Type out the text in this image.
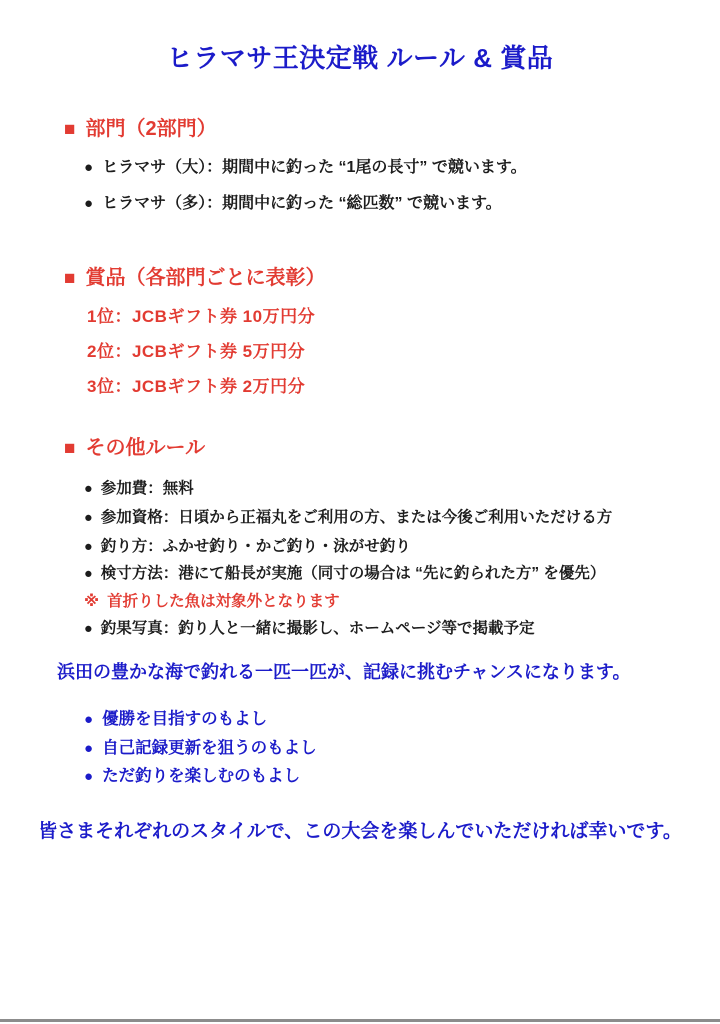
ヒラマサ王決定戦 ルール & 賞品
■ 部門（2部門）
● ヒラマサ（大）：期間中に釣った “1尾の長寸” で競います。
● ヒラマサ（多）：期間中に釣った “総匹数” で競います。
■ 賞品（各部門ごとに表彰）
1位：JCBギフト券 10万円分
2位：JCBギフト券 5万円分
3位：JCBギフト券 2万円分
■ その他ルール
● 参加費：無料
● 参加資格：日頃から正福丸をご利用の方、または今後ご利用いただける方
● 釣り方：ふかせ釣り・かご釣り・泳がせ釣り
● 検寸方法：港にて船長が実施（同寸の場合は “先に釣られた方” を優先）
※ 首折りした魚は対象外となります
● 釣果写真：釣り人と一緒に撮影し、ホームページ等で掲載予定
浜田の豊かな海で釣れる一匹一匹が、記録に挑むチャンスになります。
● 優勝を目指すのもよし
● 自己記録更新を狙うのもよし
● ただ釣りを楽しむのもよし
皆さまそれぞれのスタイルで、この大会を楽しんでいただければ幸いです。
